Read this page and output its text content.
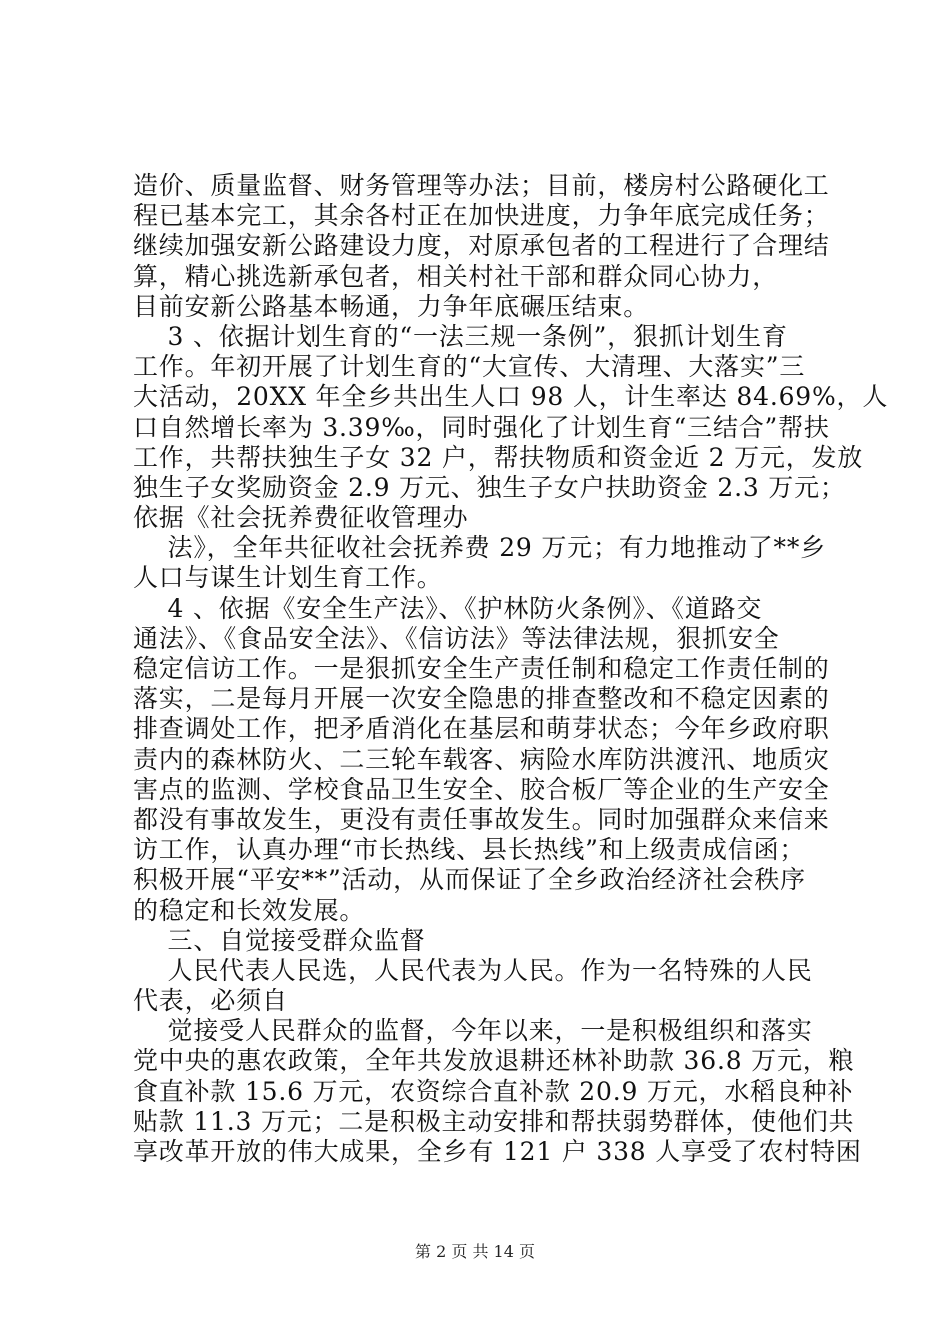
造价、质量监督、财务管理等办法；目前，楼房村公路硬化工
程已基本完工，其余各村正在加快进度，力争年底完成任务；
继续加强安新公路建设力度，对原承包者的工程进行了合理结
算，精心挑选新承包者，相关村社干部和群众同心协力，
目前安新公路基本畅通，力争年底碾压结束。
　 3 、依据计划生育的“一法三规一条例”，狠抓计划生育
工作。年初开展了计划生育的“大宣传、大清理、大落实”三
大活动，20XX 年全乡共出生人口 98 人，计生率达 84.69%，人
口自然增长率为 3.39‰，同时强化了计划生育“三结合”帮扶
工作，共帮扶独生子女 32 户，帮扶物质和资金近 2 万元，发放
独生子女奖励资金 2.9 万元、独生子女户扶助资金 2.3 万元；
依据《社会抚养费征收管理办
　 法》，全年共征收社会抚养费 29 万元；有力地推动了**乡
人口与谋生计划生育工作。
　 4 、依据《安全生产法》、《护林防火条例》、《道路交
通法》、《食品安全法》、《信访法》等法律法规，狠抓安全
稳定信访工作。一是狠抓安全生产责任制和稳定工作责任制的
落实，二是每月开展一次安全隐患的排查整改和不稳定因素的
排查调处工作，把矛盾消化在基层和萌芽状态；今年乡政府职
责内的森林防火、二三轮车载客、病险水库防洪渡汛、地质灾
害点的监测、学校食品卫生安全、胶合板厂等企业的生产安全
都没有事故发生，更没有责任事故发生。同时加强群众来信来
访工作，认真办理“市长热线、县长热线”和上级责成信函；
积极开展“平安**”活动，从而保证了全乡政治经济社会秩序
的稳定和长效发展。
　 三、自觉接受群众监督
　 人民代表人民选，人民代表为人民。作为一名特殊的人民
代表，必须自
　 觉接受人民群众的监督，今年以来，一是积极组织和落实
党中央的惠农政策，全年共发放退耕还林补助款 36.8 万元，粮
食直补款 15.6 万元，农资综合直补款 20.9 万元，水稻良种补
贴款 11.3 万元；二是积极主动安排和帮扶弱势群体，使他们共
享改革开放的伟大成果，全乡有 121 户 338 人享受了农村特困
第 2 页 共 14 页
